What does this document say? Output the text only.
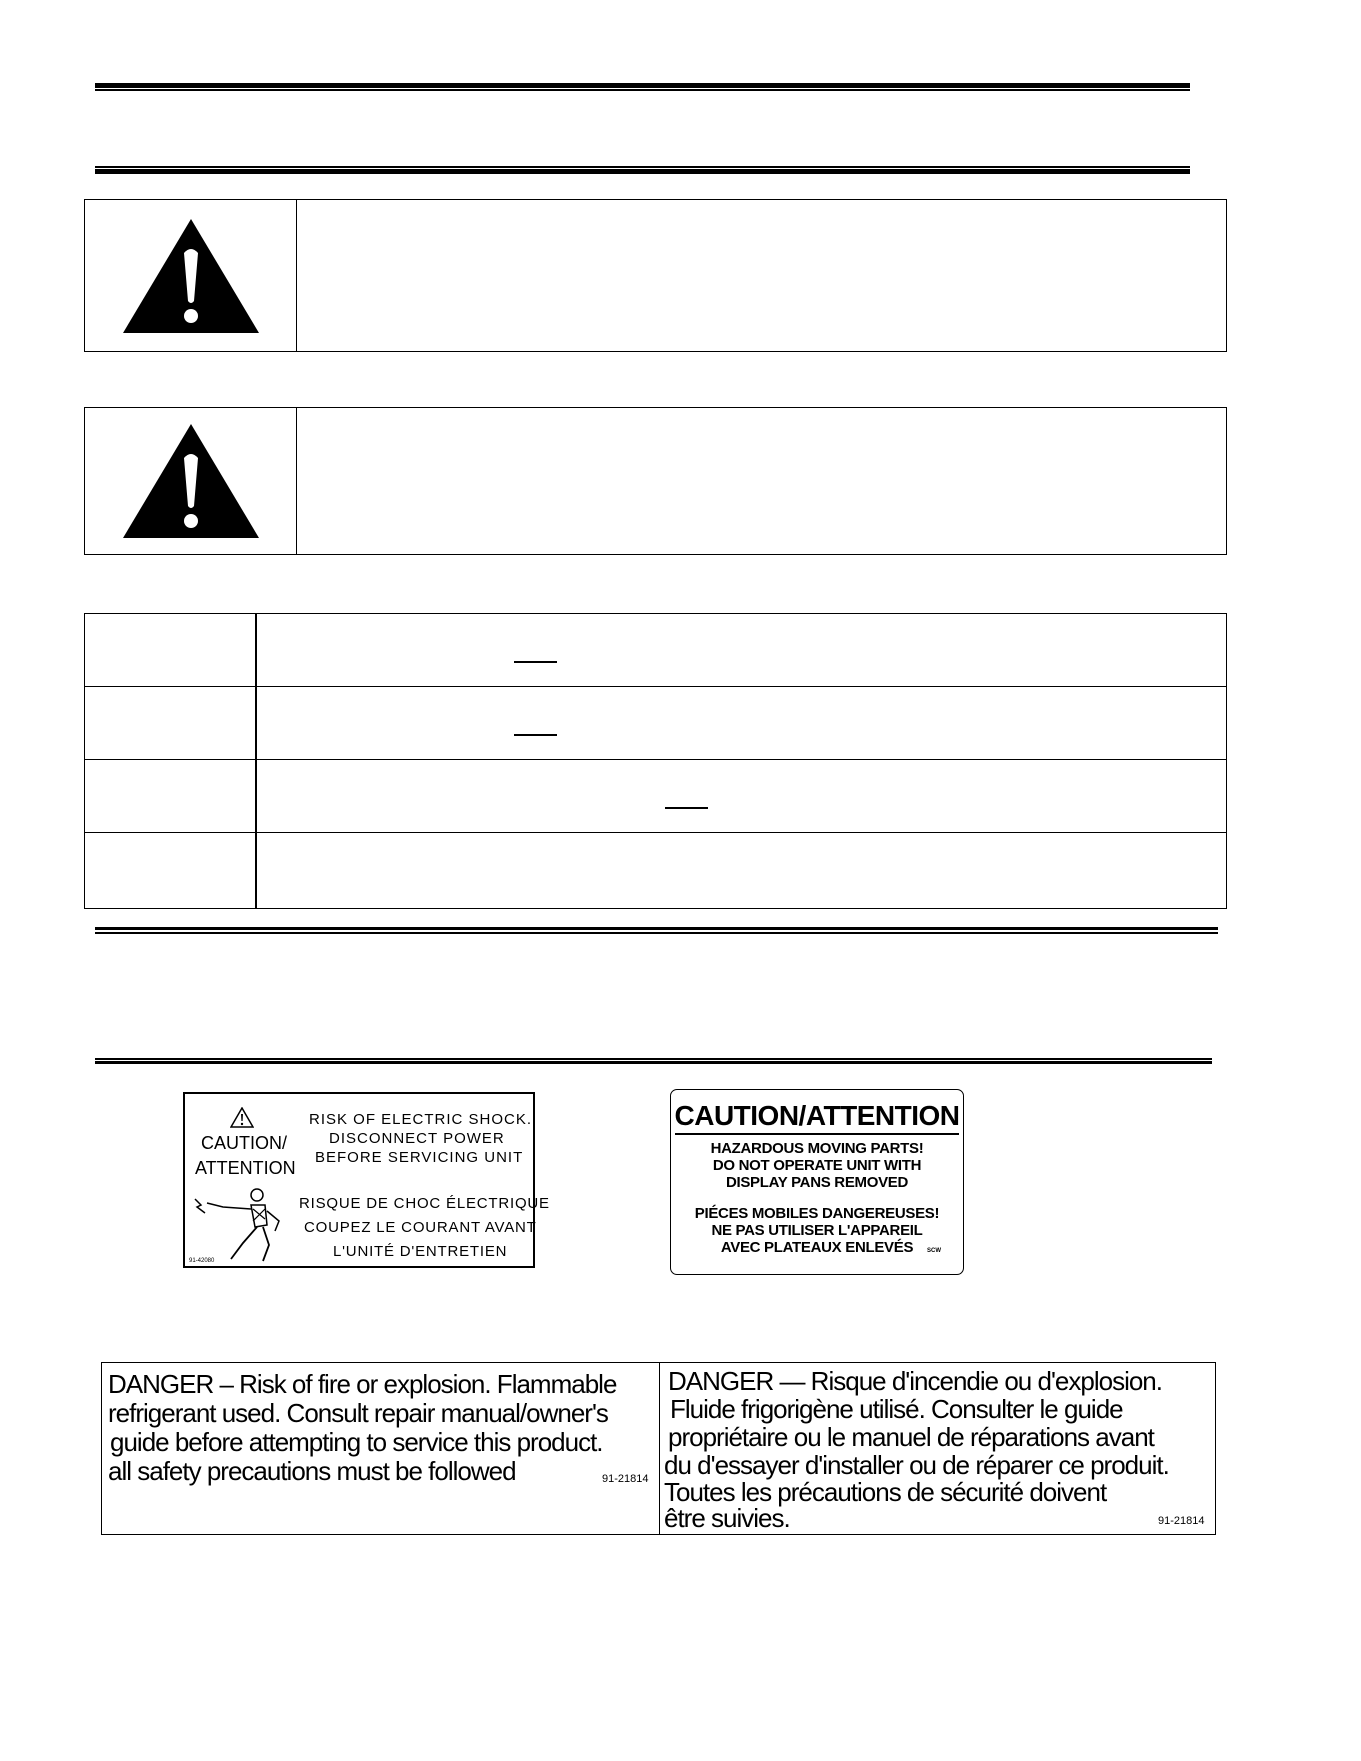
CAUTION/
ATTENTION
RISK OF ELECTRIC SHOCK.
DISCONNECT POWER
BEFORE SERVICING UNIT
RISQUE DE CHOC ÉLECTRIQUE
COUPEZ LE COURANT AVANT
L'UNITÉ D'ENTRETIEN
91-42080
CAUTION/ATTENTION
HAZARDOUS MOVING PARTS!
DO NOT OPERATE UNIT WITH
DISPLAY PANS REMOVED
PIÉCES MOBILES DANGEREUSES!
NE PAS UTILISER L'APPAREIL
AVEC PLATEAUX ENLEVÉS	SCW
DANGER – Risk of fire or explosion. Flammable
refrigerant used. Consult repair manual/owner's
guide before attempting to service this product.
all safety precautions must be followed	91-21814
DANGER — Risque d'incendie ou d'explosion.
Fluide frigorigène utilisé. Consulter le guide
propriétaire ou le manuel de réparations avant
du d'essayer d'installer ou de réparer ce produit.
Toutes les précautions de sécurité doivent
être suivies.	91-21814
